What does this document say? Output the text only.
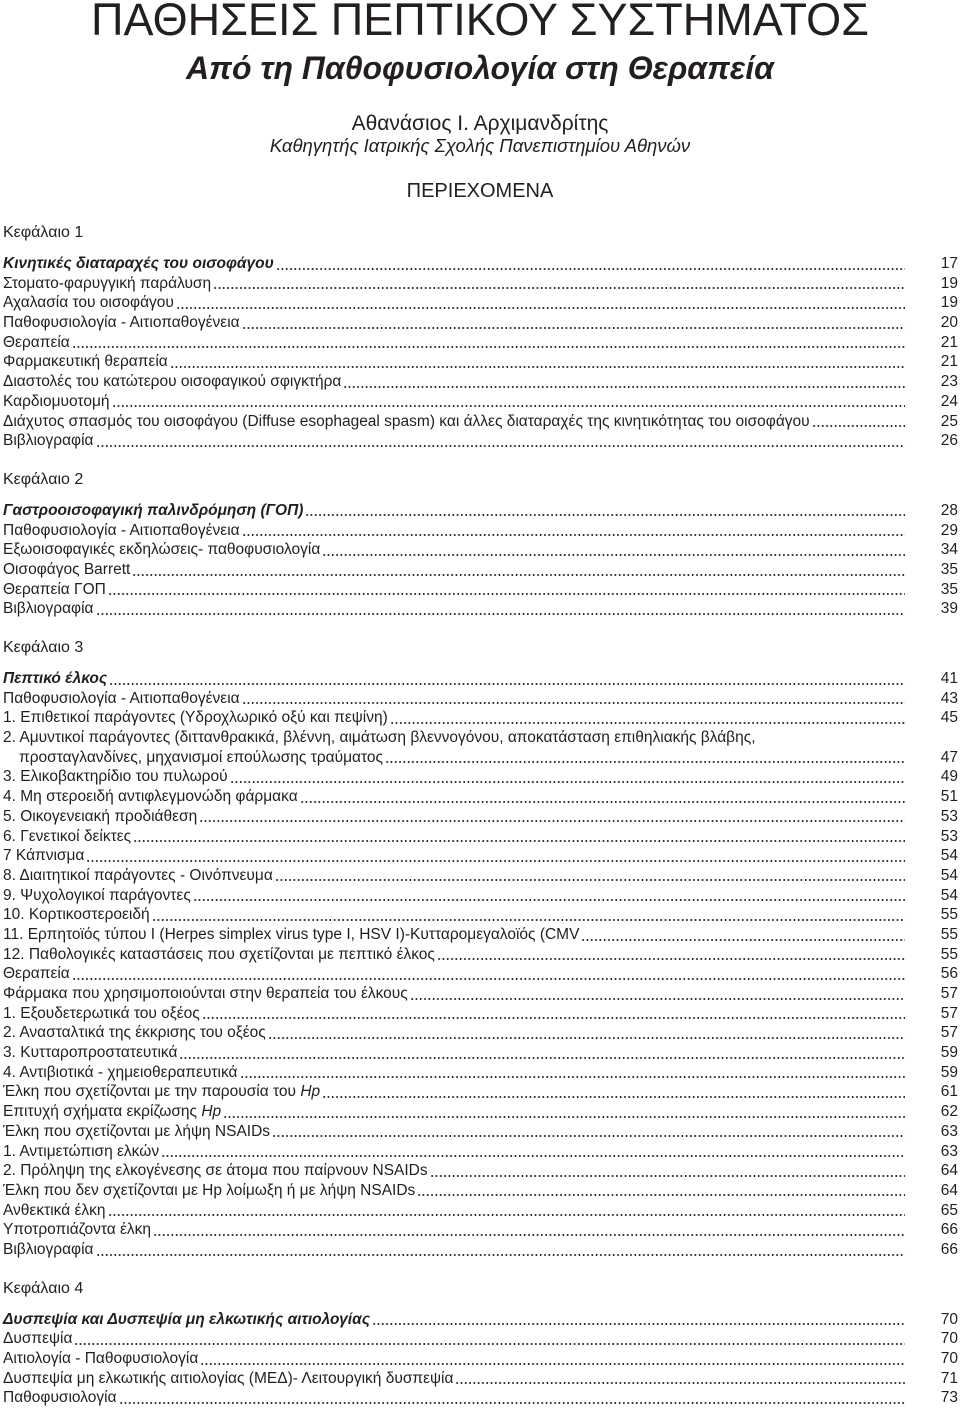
ΠΑΘΗΣΕΙΣ ΠΕΠΤΙΚΟΥ ΣΥΣΤΗΜΑΤΟΣ
Από τη Παθοφυσιολογία στη Θεραπεία
Αθανάσιος Ι. Αρχιμανδρίτης
Καθηγητής Ιατρικής Σχολής Πανεπιστημίου Αθηνών
ΠΕΡΙΕΧΟΜΕΝΑ
Κεφάλαιο 1
Κινητικές διαταραχές του οισοφάγου	17
Στοματο-φαρυγγική παράλυση	19
Αχαλασία του οισοφάγου	19
Παθοφυσιολογία - Αιτιοπαθογένεια	20
Θεραπεία	21
Φαρμακευτική θεραπεία	21
Διαστολές του κατώτερου οισοφαγικού σφιγκτήρα	23
Καρδιομυοτομή	24
Διάχυτος σπασμός του οισοφάγου (Diffuse esophageal spasm) και άλλες διαταραχές της κινητικότητας του οισοφάγου	25
Βιβλιογραφία	26
Κεφάλαιο 2
Γαστροοισοφαγική παλινδρόμηση (ΓΟΠ)	28
Παθοφυσιολογία - Αιτιοπαθογένεια	29
Εξωοισοφαγικές εκδηλώσεις- παθοφυσιολογία	34
Οισοφάγος Barrett	35
Θεραπεία ΓΟΠ	35
Βιβλιογραφία	39
Κεφάλαιο 3
Πεπτικό έλκος	41
Παθοφυσιολογία - Αιτιοπαθογένεια	43
1. Επιθετικοί παράγοντες (Υδροχλωρικό οξύ και πεψίνη)	45
2. Αμυντικοί παράγοντες (διττανθρακικά, βλέννη, αιμάτωση βλεννογόνου, αποκατάσταση επιθηλιακής βλάβης,
προσταγλανδίνες, μηχανισμοί επούλωσης τραύματος	47
3. Ελικοβακτηρίδιο του πυλωρού	49
4. Μη στεροειδή αντιφλεγμονώδη φάρμακα	51
5. Οικογενειακή προδιάθεση	53
6. Γενετικοί δείκτες	53
7 Κάπνισμα	54
8. Διαιτητικοί παράγοντες - Οινόπνευμα	54
9. Ψυχολογικοί παράγοντες	54
10. Κορτικοστεροειδή	55
11. Ερπητοϊός τύπου Ι (Herpes simplex virus type I, HSV I)-Κυτταρομεγαλοϊός (CMV	55
12. Παθολογικές καταστάσεις που σχετίζονται με πεπτικό έλκος	55
Θεραπεία	56
Φάρμακα που χρησιμοποιούνται στην θεραπεία του έλκους	57
1. Εξουδετερωτικά του οξέος	57
2. Ανασταλτικά της έκκρισης του οξέος	57
3. Κυτταροπροστατευτικά	59
4. Αντιβιοτικά - χημειοθεραπευτικά	59
Έλκη που σχετίζονται με την παρουσία του Hp	61
Επιτυχή σχήματα εκρίζωσης Hp	62
Έλκη που σχετίζονται με λήψη NSAIDs	63
1. Αντιμετώπιση ελκών	63
2. Πρόληψη της ελκογένεσης σε άτομα που παίρνουν NSAIDs	64
Έλκη που δεν σχετίζονται με Hp λοίμωξη ή με λήψη NSAIDs	64
Ανθεκτικά έλκη	65
Υποτροπιάζοντα έλκη	66
Βιβλιογραφία	66
Κεφάλαιο 4
Δυσπεψία και Δυσπεψία μη ελκωτικής αιτιολογίας	70
Δυσπεψία	70
Αιτιολογία - Παθοφυσιολογία	70
Δυσπεψία μη ελκωτικής αιτιολογίας (ΜΕΔ)- Λειτουργική δυσπεψία	71
Παθοφυσιολογία	73
